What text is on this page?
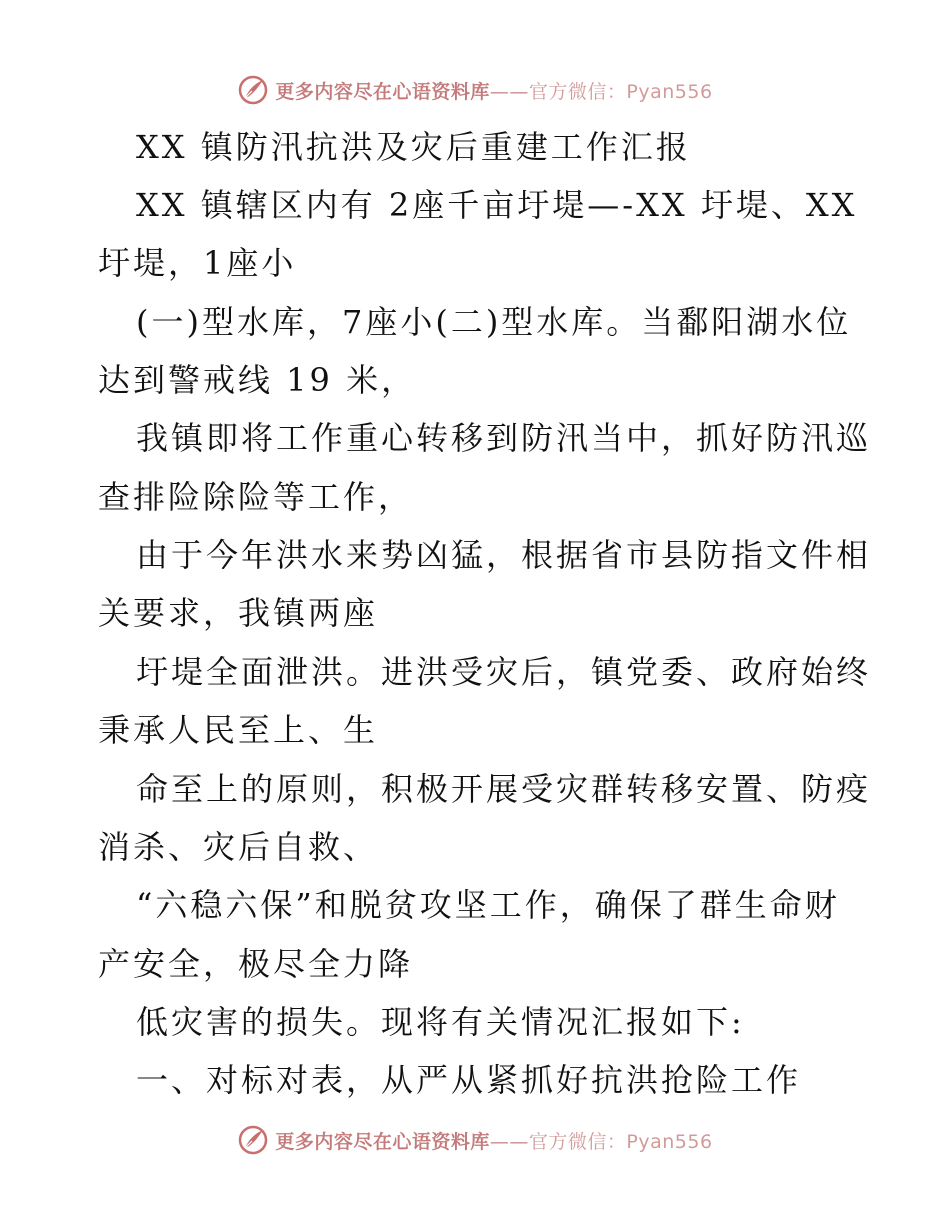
更多内容尽在心语资料库——官方微信：Pyan556
XX 镇防汛抗洪及灾后重建工作汇报
XX 镇辖区内有 2座千亩圩堤—-XX 圩堤、XX
圩堤，1座小
(一)型水库，7座小(二)型水库。当鄱阳湖水位
达到警戒线 19 米，
我镇即将工作重心转移到防汛当中，抓好防汛巡
查排险除险等工作，
由于今年洪水来势凶猛，根据省市县防指文件相
关要求，我镇两座
圩堤全面泄洪。进洪受灾后，镇党委、政府始终
秉承人民至上、生
命至上的原则，积极开展受灾群转移安置、防疫
消杀、灾后自救、
“六稳六保”和脱贫攻坚工作，确保了群生命财
产安全，极尽全力降
低灾害的损失。现将有关情况汇报如下:
一、对标对表，从严从紧抓好抗洪抢险工作
更多内容尽在心语资料库——官方微信：Pyan556
